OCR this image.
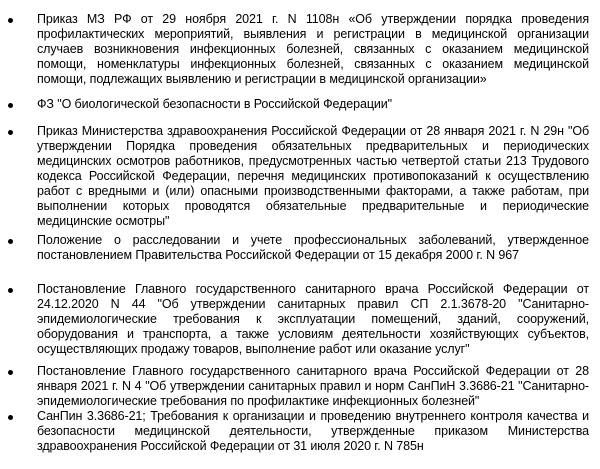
Приказ МЗ РФ от 29 ноября 2021 г. N 1108н «Об утверждении порядка проведения профилактических мероприятий, выявления и регистрации в медицинской организации случаев возникновения инфекционных болезней, связанных с оказанием медицинской помощи, номенклатуры инфекционных болезней, связанных с оказанием медицинской помощи, подлежащих выявлению и регистрации в медицинской организации»
ФЗ "О биологической безопасности в Российской Федерации"
Приказ Министерства здравоохранения Российской Федерации от 28 января 2021 г. N 29н "Об утверждении Порядка проведения обязательных предварительных и периодических медицинских осмотров работников, предусмотренных частью четвертой статьи 213 Трудового кодекса Российской Федерации, перечня медицинских противопоказаний к осуществлению работ с вредными и (или) опасными производственными факторами, а также работам, при выполнении которых проводятся обязательные предварительные и периодические медицинские осмотры"
Положение о расследовании и учете профессиональных заболеваний, утвержденное постановлением Правительства Российской Федерации от 15 декабря 2000 г. N 967
Постановление Главного государственного санитарного врача Российской Федерации от 24.12.2020 N 44 "Об утверждении санитарных правил СП 2.1.3678-20 "Санитарно-эпидемиологические требования к эксплуатации помещений, зданий, сооружений, оборудования и транспорта, а также условиям деятельности хозяйствующих субъектов, осуществляющих продажу товаров, выполнение работ или оказание услуг"
Постановление Главного государственного санитарного врача Российской Федерации от 28 января 2021 г. N 4 "Об утверждении санитарных правил и норм СанПиН 3.3686-21 "Санитарно-эпидемиологические требования по профилактике инфекционных болезней"
СанПин 3.3686-21; Требования к организации и проведению внутреннего контроля качества и безопасности медицинской деятельности, утвержденные приказом Министерства здравоохранения Российской Федерации от 31 июля 2020 г. N 785н
